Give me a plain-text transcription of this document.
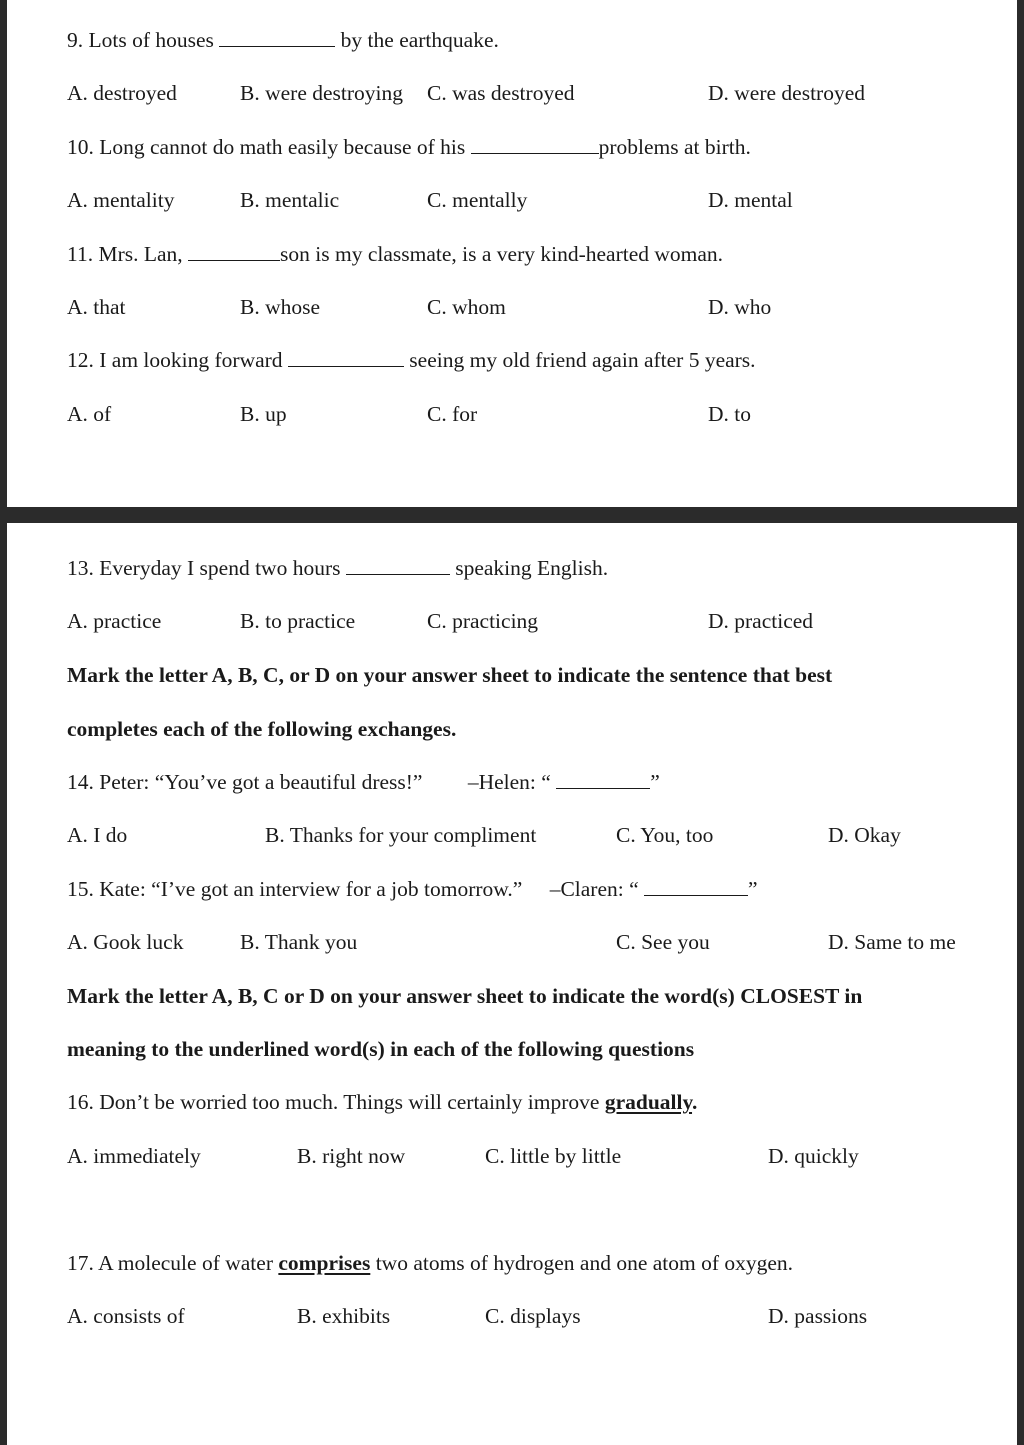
9. Lots of houses	by the earthquake.
A. destroyed	B. were destroying C. was destroyed	D. were destroyed
10. Long cannot do math easily because of his	problems at birth.
A. mentality	B. mentalic	C. mentally	D. mental
11. Mrs. Lan,	son is my classmate, is a very kind-hearted woman.
A. that	B. whose	C. whom	D. who
12. I am looking forward	seeing my old friend again after 5 years.
A. of	B. up	C. for	D. to
13. Everyday I spend two hours	speaking English.
A. practice	B. to practice	C. practicing	D. practiced
Mark the letter A, B, C, or D on your answer sheet to indicate the sentence that best
completes each of the following exchanges.
14. Peter: “You’ve got a beautiful dress!” –Helen: “	”
A. I do	B. Thanks for your compliment	C. You, too	D. Okay
15. Kate: “I’ve got an interview for a job tomorrow.” –Claren: “	”
A. Gook luck	B. Thank you	C. See you	D. Same to me
Mark the letter A, B, C or D on your answer sheet to indicate the word(s) CLOSEST in
meaning to the underlined word(s) in each of the following questions
16. Don’t be worried too much. Things will certainly improve gradually.
A. immediately	B. right now	C. little by little	D. quickly
17. A molecule of water comprises two atoms of hydrogen and one atom of oxygen.
A. consists of	B. exhibits	C. displays	D. passions
